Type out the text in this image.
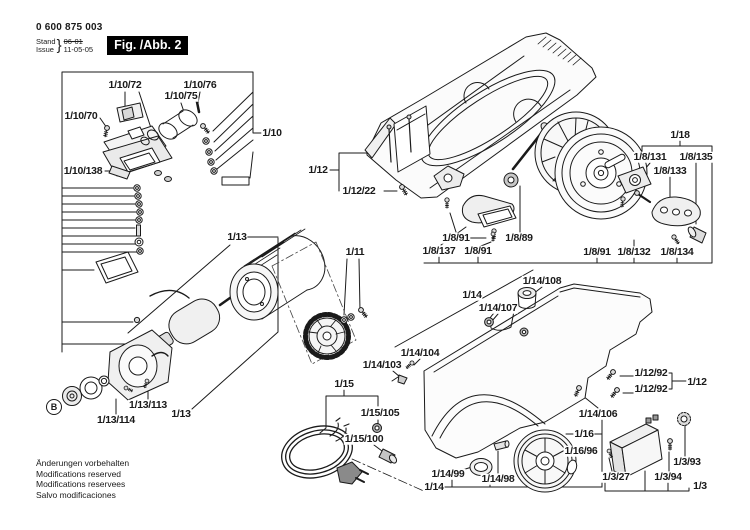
1/10/72	1/10/76
1/10/75
1/10/70
1/10
1/10/138	1/12
1/12/22
1/13
1/11
1/18
1/8/131 1/8/135
1/8/133
1/8/91	1/8/89
1/8/137 1/8/91	1/8/91 1/8/132 1/8/134
1/14/108
1/14
1/14/107
1/14/104
1/14/103
1/12/92
1/12/92
1/12
1/15
1/13/113
1/13
1/13/114
1/15/105	1/14/106
1/16
1/15/100
1/16/96
1/3/93
1/14/99	1/3/27 1/3/94
1/14/98
1/14	1/3
0 600 875 003
Stand
Issue } 06-01
11-05-05	Fig. /Abb. 2
Änderungen vorbehalten
Modifications reserved
Modifications reservees
Salvo modificaciones
B
